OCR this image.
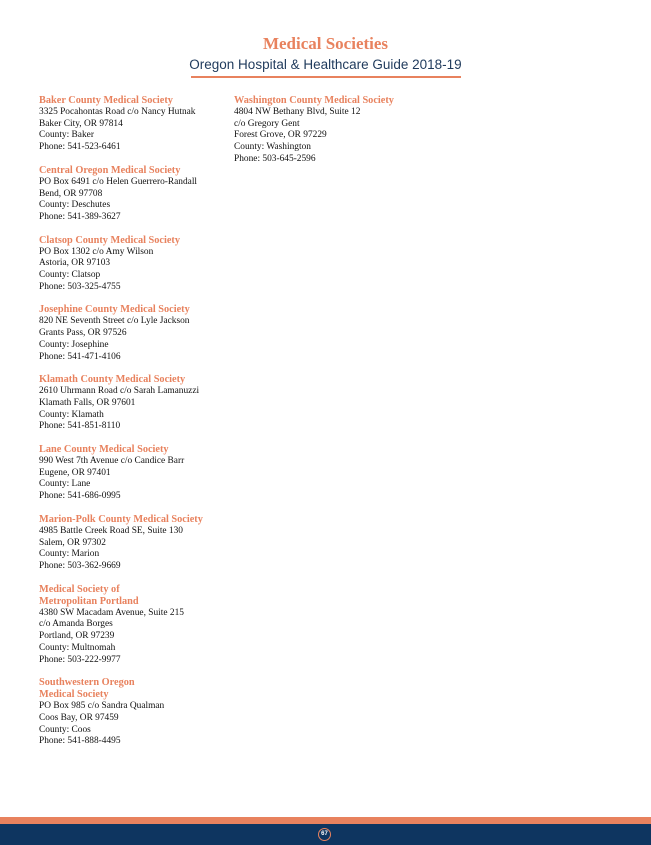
Medical Societies
Oregon Hospital & Healthcare Guide 2018-19
Baker County Medical Society
3325 Pocahontas Road c/o Nancy Hutnak
Baker City, OR 97814
County: Baker
Phone: 541-523-6461
Central Oregon Medical Society
PO Box 6491 c/o Helen Guerrero-Randall
Bend, OR 97708
County: Deschutes
Phone: 541-389-3627
Clatsop County Medical Society
PO Box 1302 c/o Amy Wilson
Astoria, OR 97103
County: Clatsop
Phone: 503-325-4755
Josephine County Medical Society
820 NE Seventh Street c/o Lyle Jackson
Grants Pass, OR 97526
County: Josephine
Phone: 541-471-4106
Klamath County Medical Society
2610 Uhrmann Road c/o Sarah Lamanuzzi
Klamath Falls, OR 97601
County: Klamath
Phone: 541-851-8110
Lane County Medical Society
990 West 7th Avenue c/o Candice Barr
Eugene, OR 97401
County: Lane
Phone: 541-686-0995
Marion-Polk County Medical Society
4985 Battle Creek Road SE, Suite 130
Salem, OR 97302
County: Marion
Phone: 503-362-9669
Medical Society of
Metropolitan Portland
4380 SW Macadam Avenue, Suite 215
c/o Amanda Borges
Portland, OR 97239
County: Multnomah
Phone: 503-222-9977
Southwestern Oregon
Medical Society
PO Box 985 c/o Sandra Qualman
Coos Bay, OR 97459
County: Coos
Phone: 541-888-4495
Washington County Medical Society
4804 NW Bethany Blvd, Suite 12
c/o Gregory Gent
Forest Grove, OR 97229
County: Washington
Phone: 503-645-2596
67
